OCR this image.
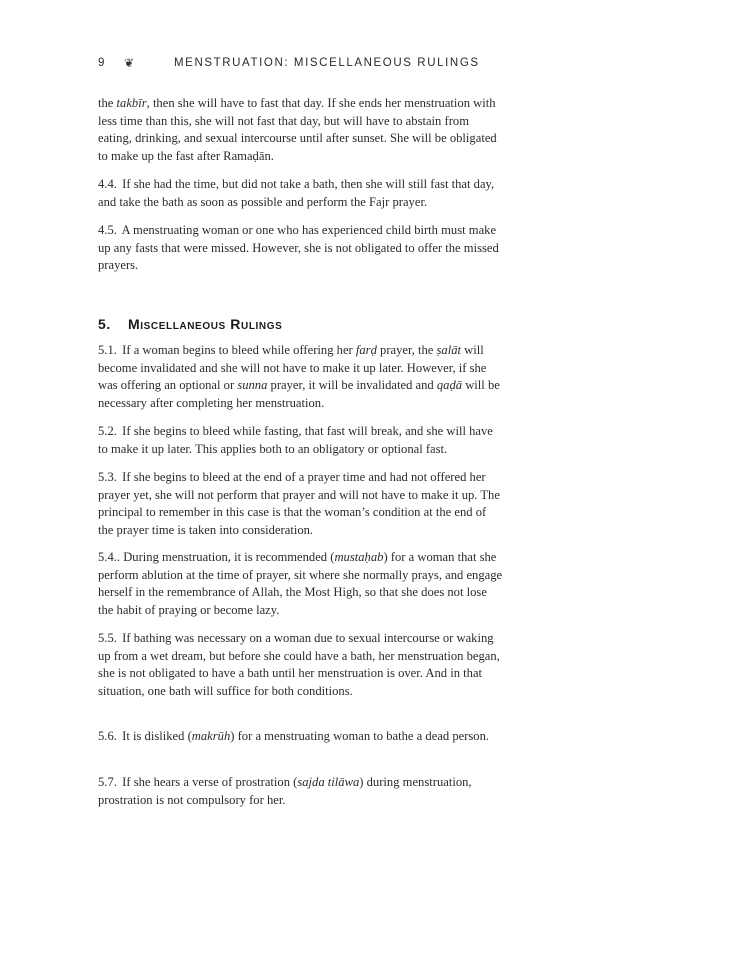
9	❦	MENSTRUATION: MISCELLANEOUS RULINGS

the takbīr, then she will have to fast that day. If she ends her menstruation with less time than this, she will not fast that day, but will have to abstain from eating, drinking, and sexual intercourse until after sunset. She will be obligated to make up the fast after Ramaḍān.

4.4. If she had the time, but did not take a bath, then she will still fast that day, and take the bath as soon as possible and perform the Fajr prayer.

4.5. A menstruating woman or one who has experienced child birth must make up any fasts that were missed. However, she is not obligated to offer the missed prayers.

5. Miscellaneous Rulings

5.1. If a woman begins to bleed while offering her farḍ prayer, the ṣalāt will become invalidated and she will not have to make it up later. However, if she was offering an optional or sunna prayer, it will be invalidated and qaḍā will be necessary after completing her menstruation.

5.2. If she begins to bleed while fasting, that fast will break, and she will have to make it up later. This applies both to an obligatory or optional fast.

5.3. If she begins to bleed at the end of a prayer time and had not offered her prayer yet, she will not perform that prayer and will not have to make it up. The principal to remember in this case is that the woman’s condition at the end of the prayer time is taken into consideration.

5.4.. During menstruation, it is recommended (mustaḥab) for a woman that she perform ablution at the time of prayer, sit where she normally prays, and engage herself in the remembrance of Allah, the Most High, so that she does not lose the habit of praying or become lazy.

5.5. If bathing was necessary on a woman due to sexual intercourse or waking up from a wet dream, but before she could have a bath, her menstruation began, she is not obligated to have a bath until her menstruation is over. And in that situation, one bath will suffice for both conditions.

5.6. It is disliked (makrūh) for a menstruating woman to bathe a dead person.

5.7. If she hears a verse of prostration (sajda tilāwa) during menstruation, prostration is not compulsory for her.
